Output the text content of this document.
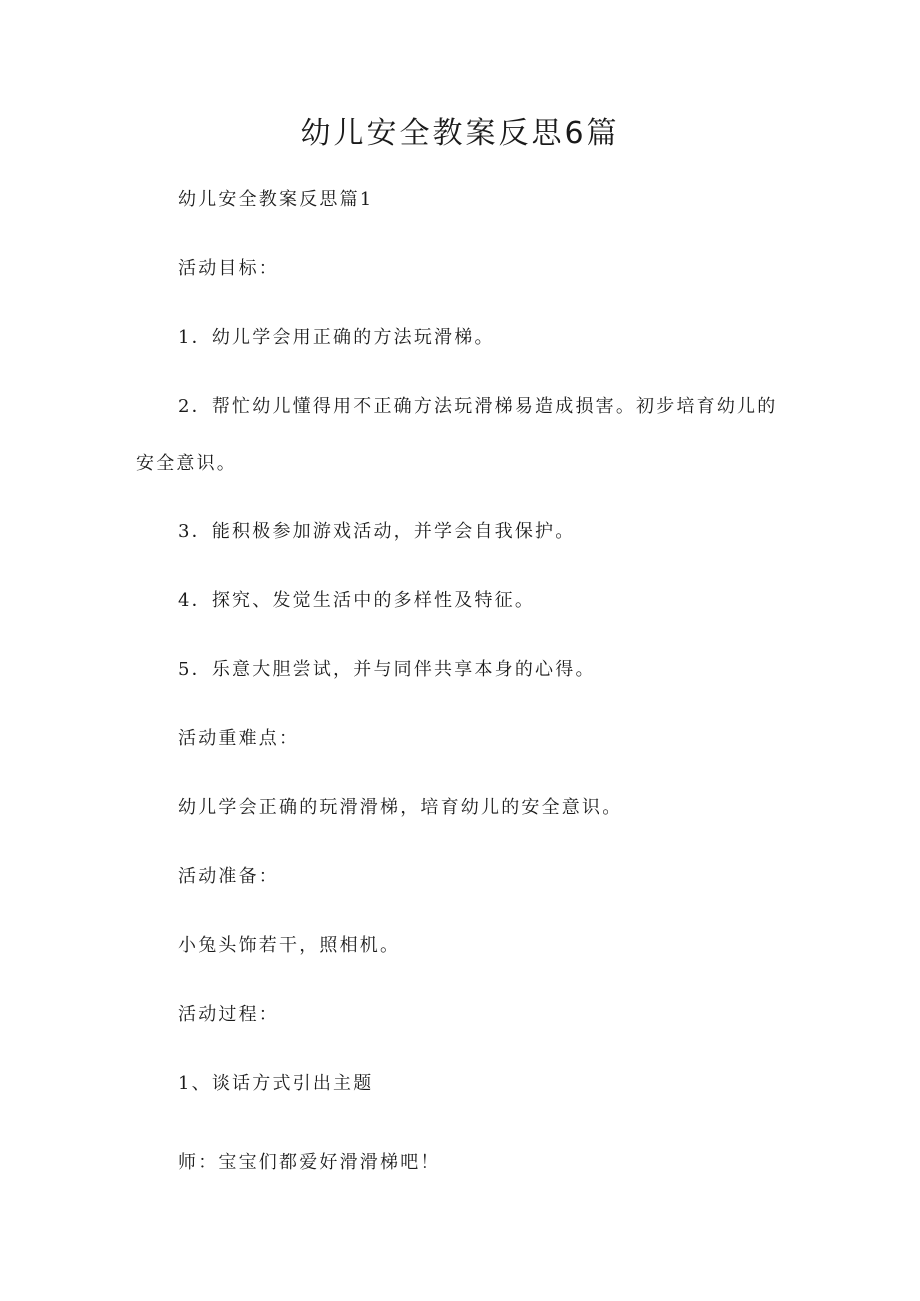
幼儿安全教案反思6篇
幼儿安全教案反思篇1
活动目标：
1．幼儿学会用正确的方法玩滑梯。
2．帮忙幼儿懂得用不正确方法玩滑梯易造成损害。初步培育幼儿的
安全意识。
3．能积极参加游戏活动，并学会自我保护。
4．探究、发觉生活中的多样性及特征。
5．乐意大胆尝试，并与同伴共享本身的心得。
活动重难点：
幼儿学会正确的玩滑滑梯，培育幼儿的安全意识。
活动准备：
小兔头饰若干，照相机。
活动过程：
1、谈话方式引出主题
师：宝宝们都爱好滑滑梯吧！
